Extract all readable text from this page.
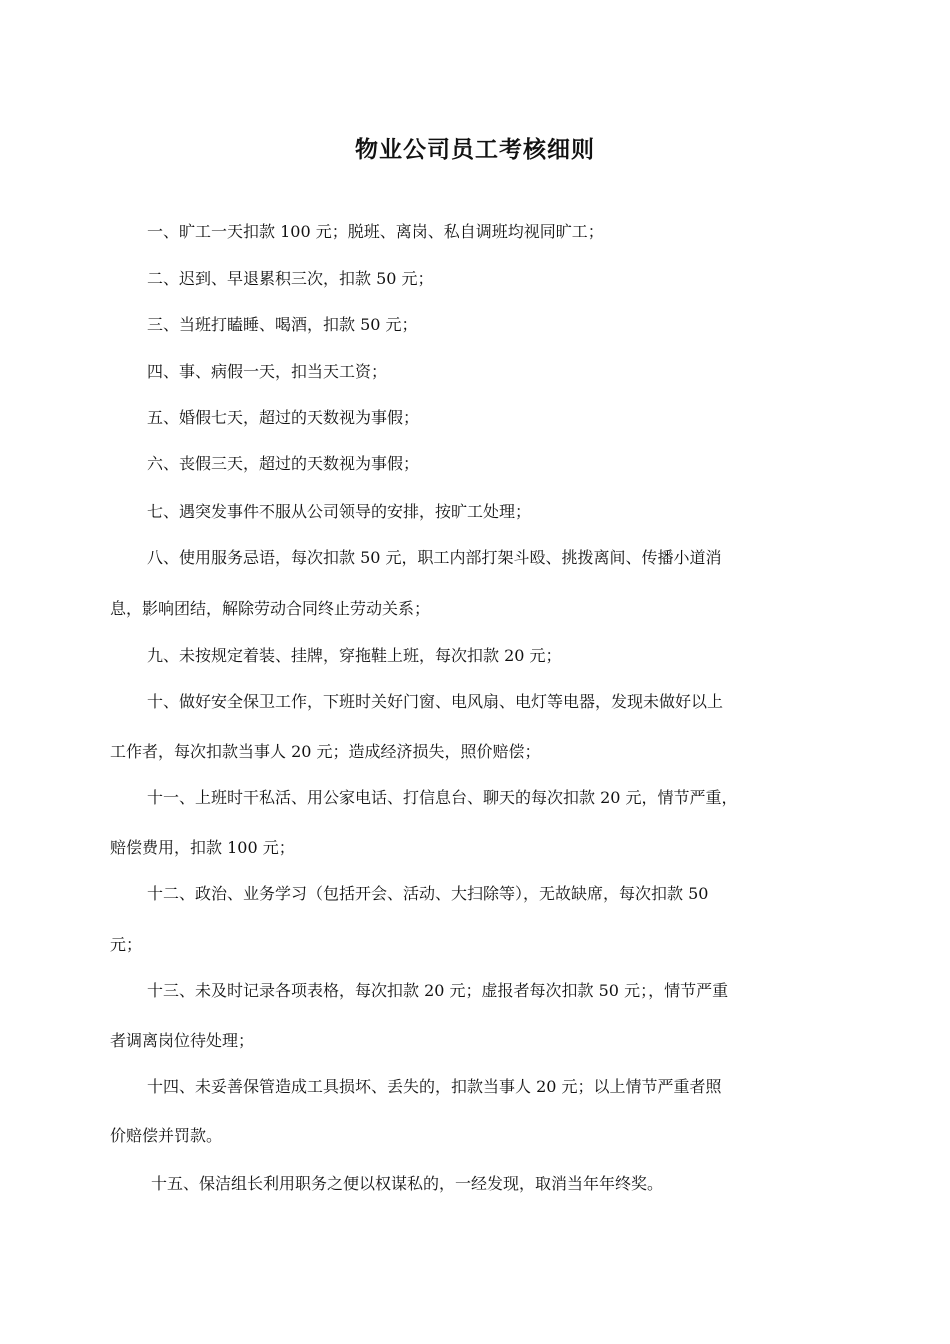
物业公司员工考核细则

一、旷工一天扣款 100 元；脱班、离岗、私自调班均视同旷工；

二、迟到、早退累积三次，扣款 50 元；

三、当班打瞌睡、喝酒，扣款 50 元；

四、事、病假一天，扣当天工资；

五、婚假七天，超过的天数视为事假；

六、丧假三天，超过的天数视为事假；

七、遇突发事件不服从公司领导的安排，按旷工处理；

八、使用服务忌语，每次扣款 50 元，职工内部打架斗殴、挑拨离间、传播小道消

息，影响团结，解除劳动合同终止劳动关系；

九、未按规定着装、挂牌，穿拖鞋上班，每次扣款 20 元；

十、做好安全保卫工作，下班时关好门窗、电风扇、电灯等电器，发现未做好以上

工作者，每次扣款当事人 20 元；造成经济损失，照价赔偿；

十一、上班时干私活、用公家电话、打信息台、聊天的每次扣款 20 元，情节严重，

赔偿费用，扣款 100 元；

十二、政治、业务学习（包括开会、活动、大扫除等），无故缺席，每次扣款 50

元；

十三、未及时记录各项表格，每次扣款 20 元；虚报者每次扣款 50 元；，情节严重

者调离岗位待处理；

十四、未妥善保管造成工具损坏、丢失的，扣款当事人 20 元；以上情节严重者照

价赔偿并罚款。

十五、保洁组长利用职务之便以权谋私的，一经发现，取消当年年终奖。
